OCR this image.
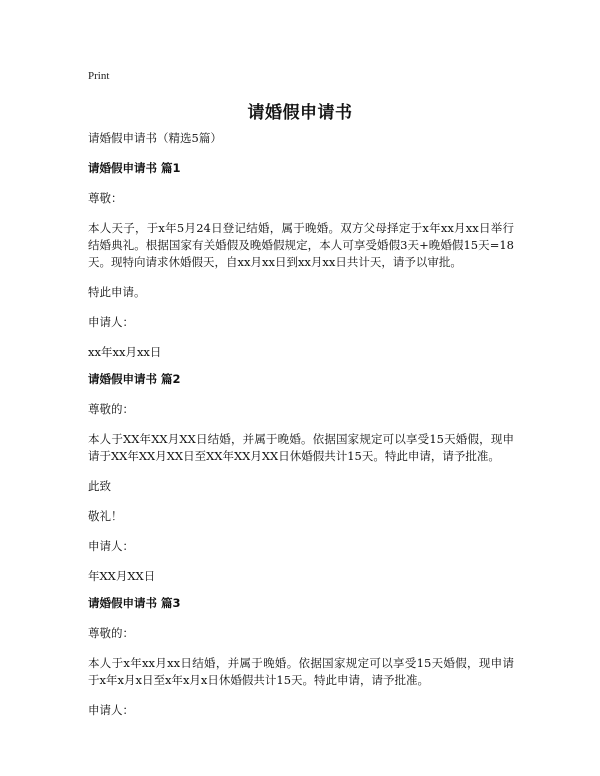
Print
请婚假申请书

请婚假申请书（精选5篇）

请婚假申请书 篇1

尊敬：

本人天子，于x年5月24日登记结婚，属于晚婚。双方父母择定于x年xx月xx日举行结婚典礼。根据国家有关婚假及晚婚假规定，本人可享受婚假3天+晚婚假15天=18天。现特向请求休婚假天，自xx月xx日到xx月xx日共计天，请予以审批。

特此申请。

申请人：

xx年xx月xx日

请婚假申请书 篇2

尊敬的：

本人于XX年XX月XX日结婚，并属于晚婚。依据国家规定可以享受15天婚假，现申请于XX年XX月XX日至XX年XX月XX日休婚假共计15天。特此申请，请予批准。

此致

敬礼！

申请人：

年XX月XX日

请婚假申请书 篇3

尊敬的：

本人于x年xx月xx日结婚，并属于晚婚。依据国家规定可以享受15天婚假，现申请于x年x月x日至x年x月x日休婚假共计15天。特此申请，请予批准。

申请人：
